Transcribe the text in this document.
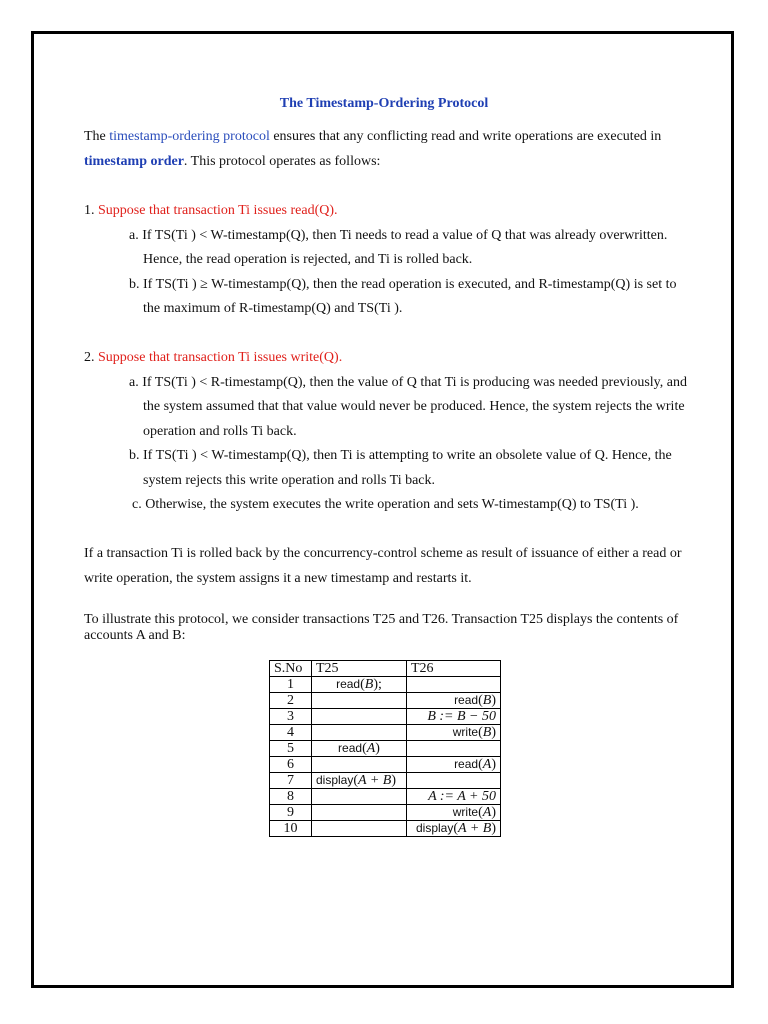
The Timestamp-Ordering Protocol
The timestamp-ordering protocol ensures that any conflicting read and write operations are executed in
timestamp order. This protocol operates as follows:
1. Suppose that transaction Ti issues read(Q).
a. If TS(Ti ) < W-timestamp(Q), then Ti needs to read a value of Q that was already overwritten.
Hence, the read operation is rejected, and Ti is rolled back.
b. If TS(Ti ) ≥ W-timestamp(Q), then the read operation is executed, and R-timestamp(Q) is set to
the maximum of R-timestamp(Q) and TS(Ti ).
2. Suppose that transaction Ti issues write(Q).
a. If TS(Ti ) < R-timestamp(Q), then the value of Q that Ti is producing was needed previously, and
the system assumed that that value would never be produced. Hence, the system rejects the write
operation and rolls Ti back.
b. If TS(Ti ) < W-timestamp(Q), then Ti is attempting to write an obsolete value of Q. Hence, the
system rejects this write operation and rolls Ti back.
c. Otherwise, the system executes the write operation and sets W-timestamp(Q) to TS(Ti ).
If a transaction Ti is rolled back by the concurrency-control scheme as result of issuance of either a read or
write operation, the system assigns it a new timestamp and restarts it.
To illustrate this protocol, we consider transactions T25 and T26. Transaction T25 displays the contents of
accounts A and B:
S.No	T25	T26
1	read(B);	
2		read(B)
3		B := B − 50
4		write(B)
5	read(A)	
6		read(A)
7	display(A + B)	
8		A := A + 50
9		write(A)
10		display(A + B)
